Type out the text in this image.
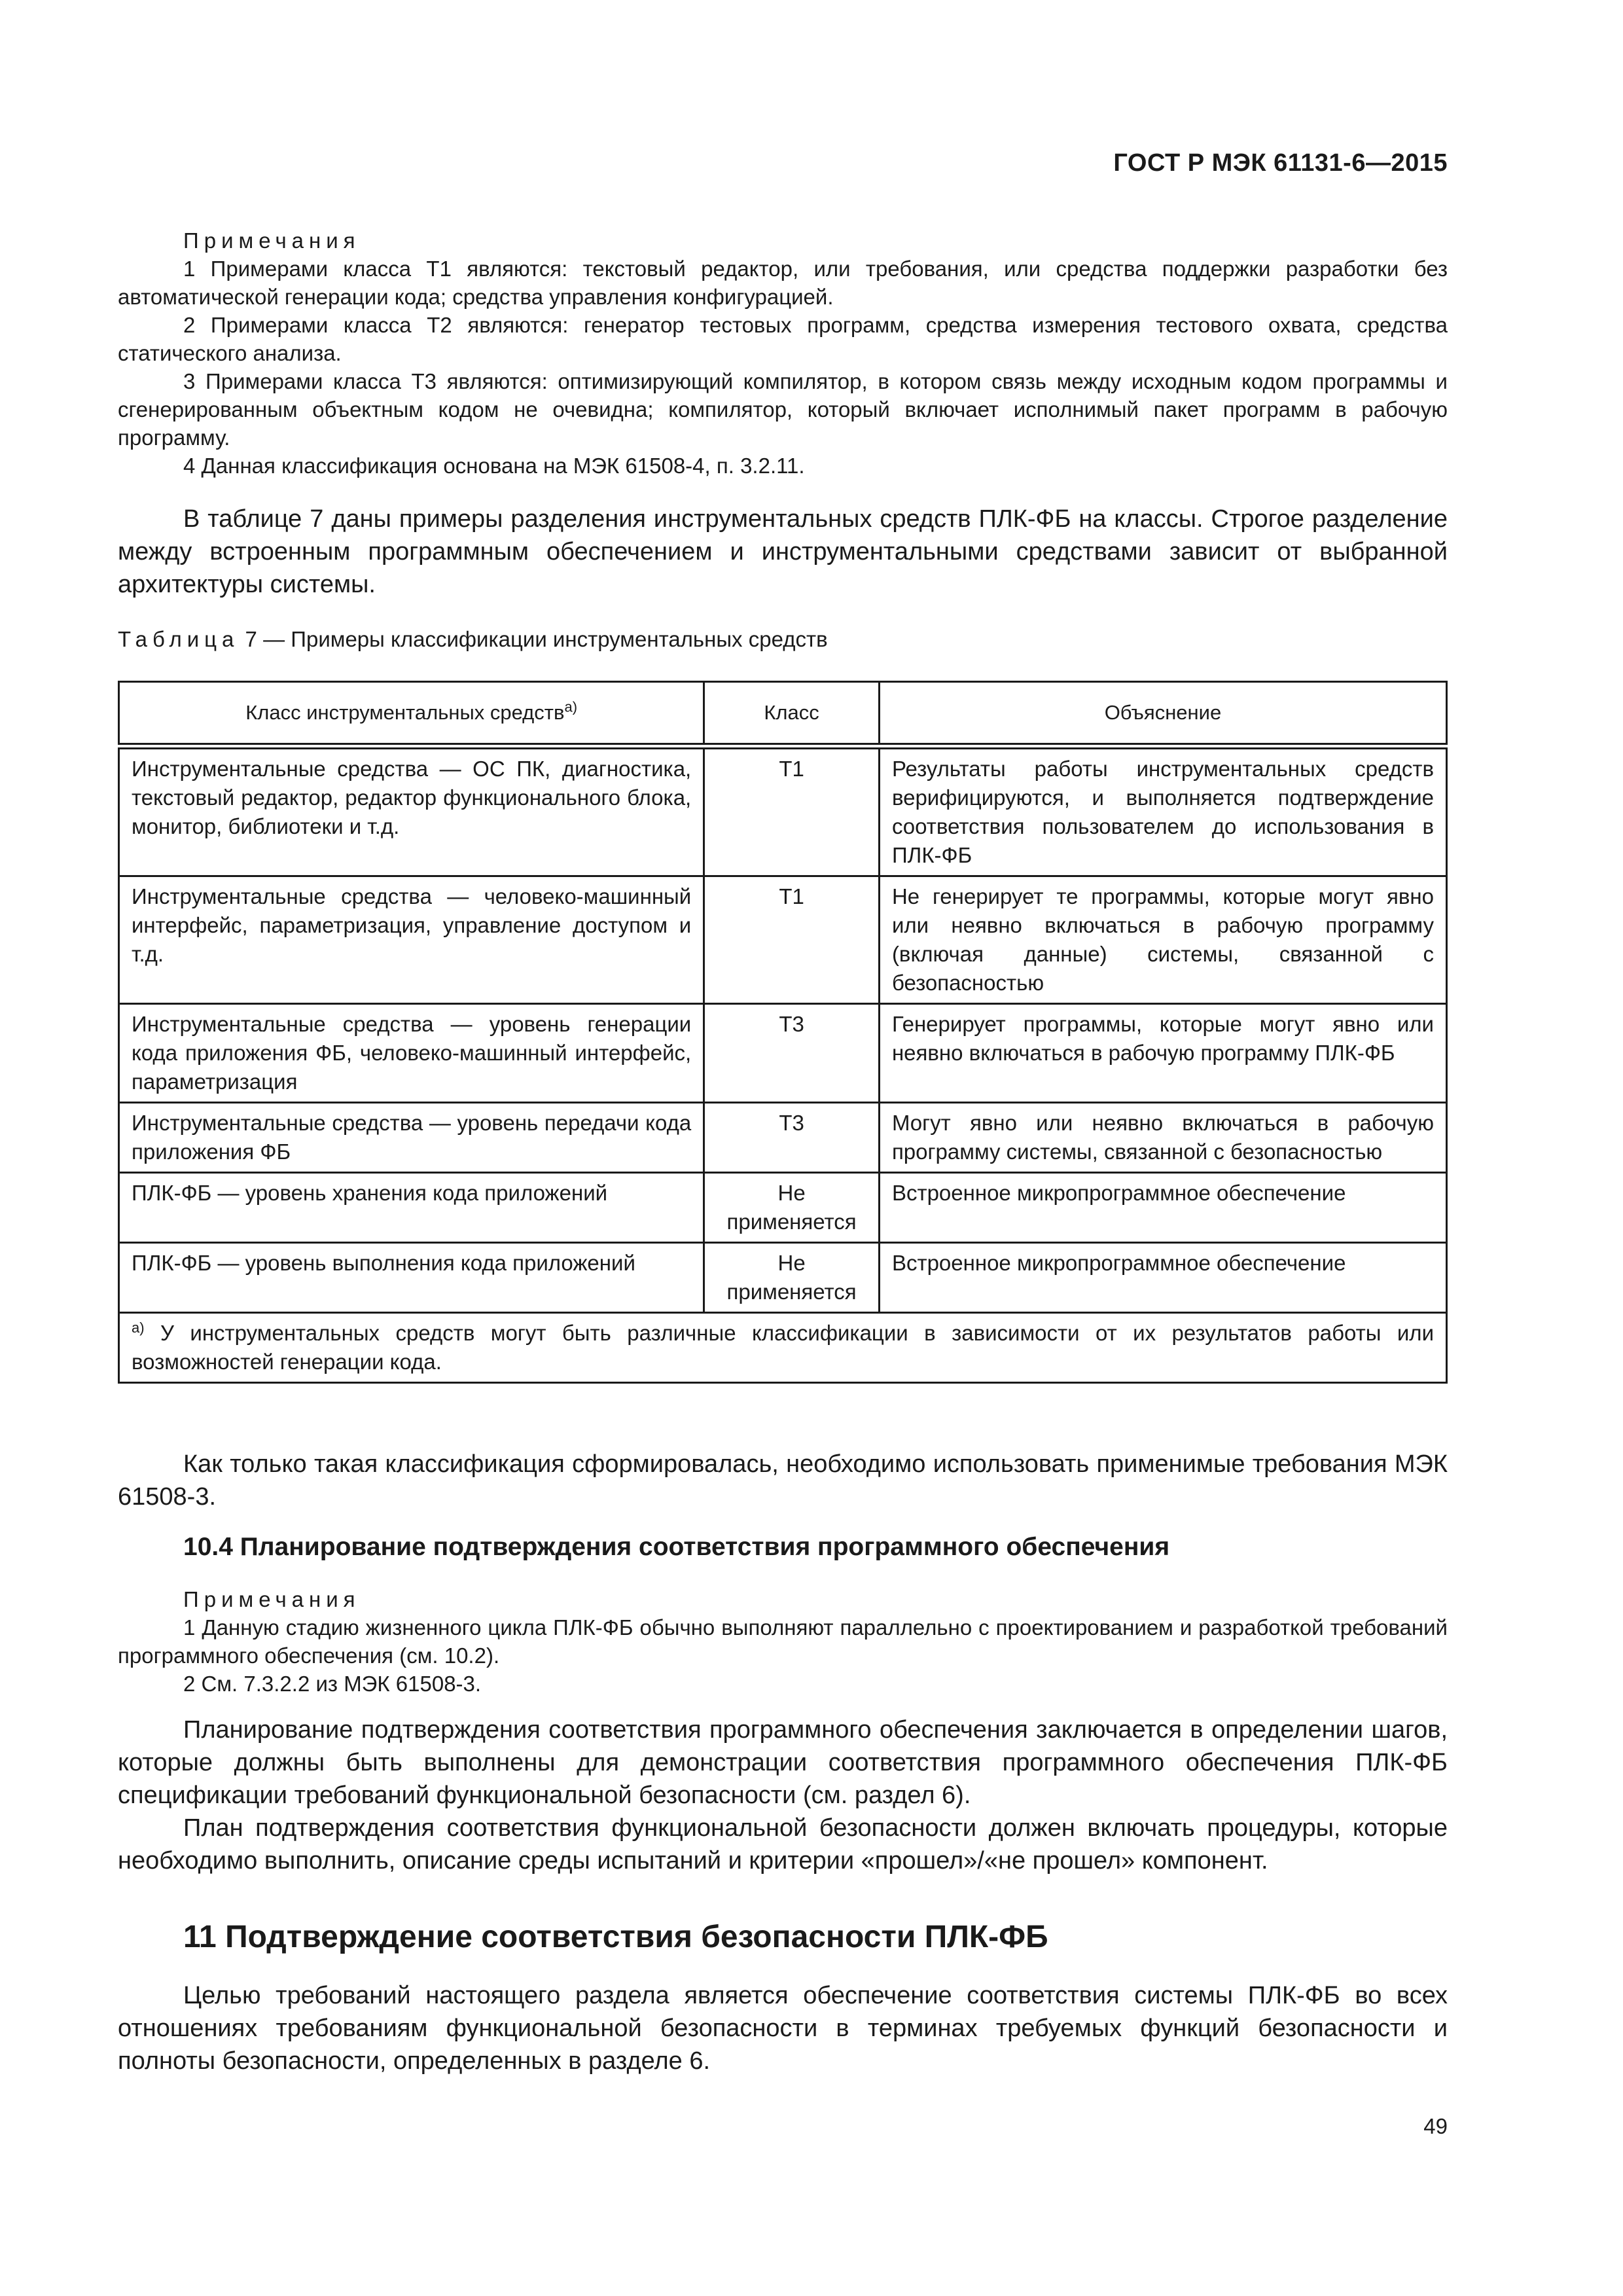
ГОСТ Р МЭК 61131-6—2015
Примечания

1 Примерами класса Т1 являются: текстовый редактор, или требования, или средства поддержки разработки без автоматической генерации кода; средства управления конфигурацией.

2 Примерами класса Т2 являются: генератор тестовых программ, средства измерения тестового охвата, средства статического анализа.

3 Примерами класса Т3 являются: оптимизирующий компилятор, в котором связь между исходным кодом программы и сгенерированным объектным кодом не очевидна; компилятор, который включает исполнимый пакет программ в рабочую программу.

4 Данная классификация основана на МЭК 61508-4, п. 3.2.11.

В таблице 7 даны примеры разделения инструментальных средств ПЛК-ФБ на классы. Строгое разделение между встроенным программным обеспечением и инструментальными средствами зависит от выбранной архитектуры системы.

Таблица 7 — Примеры классификации инструментальных средств
Класс инструментальных средств$^{а)}$	Класс	Объяснение
Инструментальные средства — ОС ПК, диагностика, текстовый редактор, редактор функционального блока, монитор, библиотеки и т.д.	Т1	Результаты работы инструментальных средств верифицируются, и выполняется подтверждение соответствия пользователем до использования в ПЛК-ФБ
Инструментальные средства — человеко-машинный интерфейс, параметризация, управление доступом и т.д.	Т1	Не генерирует те программы, которые могут явно или неявно включаться в рабочую программу (включая данные) системы, связанной с безопасностью
Инструментальные средства — уровень генерации кода приложения ФБ, человеко-машинный интерфейс, параметризация	Т3	Генерирует программы, которые могут явно или неявно включаться в рабочую программу ПЛК-ФБ
Инструментальные средства — уровень передачи кода приложения ФБ	Т3	Могут явно или неявно включаться в рабочую программу системы, связанной с безопасностью
ПЛК-ФБ — уровень хранения кода приложений	Не применяется	Встроенное микропрограммное обеспечение
ПЛК-ФБ — уровень выполнения кода приложений	Не применяется	Встроенное микропрограммное обеспечение
$^{а)}$ У инструментальных средств могут быть различные классификации в зависимости от их результатов работы или возможностей генерации кода.		

Как только такая классификация сформировалась, необходимо использовать применимые требования МЭК 61508-3.

10.4 Планирование подтверждения соответствия программного обеспечения
Примечания

1 Данную стадию жизненного цикла ПЛК-ФБ обычно выполняют параллельно с проектированием и разработкой требований программного обеспечения (см. 10.2).

2 См. 7.3.2.2 из МЭК 61508-3.

Планирование подтверждения соответствия программного обеспечения заключается в определении шагов, которые должны быть выполнены для демонстрации соответствия программного обеспечения ПЛК-ФБ спецификации требований функциональной безопасности (см. раздел 6).

План подтверждения соответствия функциональной безопасности должен включать процедуры, которые необходимо выполнить, описание среды испытаний и критерии «прошел»/«не прошел» компонент.

11 Подтверждение соответствия безопасности ПЛК-ФБ

Целью требований настоящего раздела является обеспечение соответствия системы ПЛК-ФБ во всех отношениях требованиям функциональной безопасности в терминах требуемых функций безопасности и полноты безопасности, определенных в разделе 6.

49
